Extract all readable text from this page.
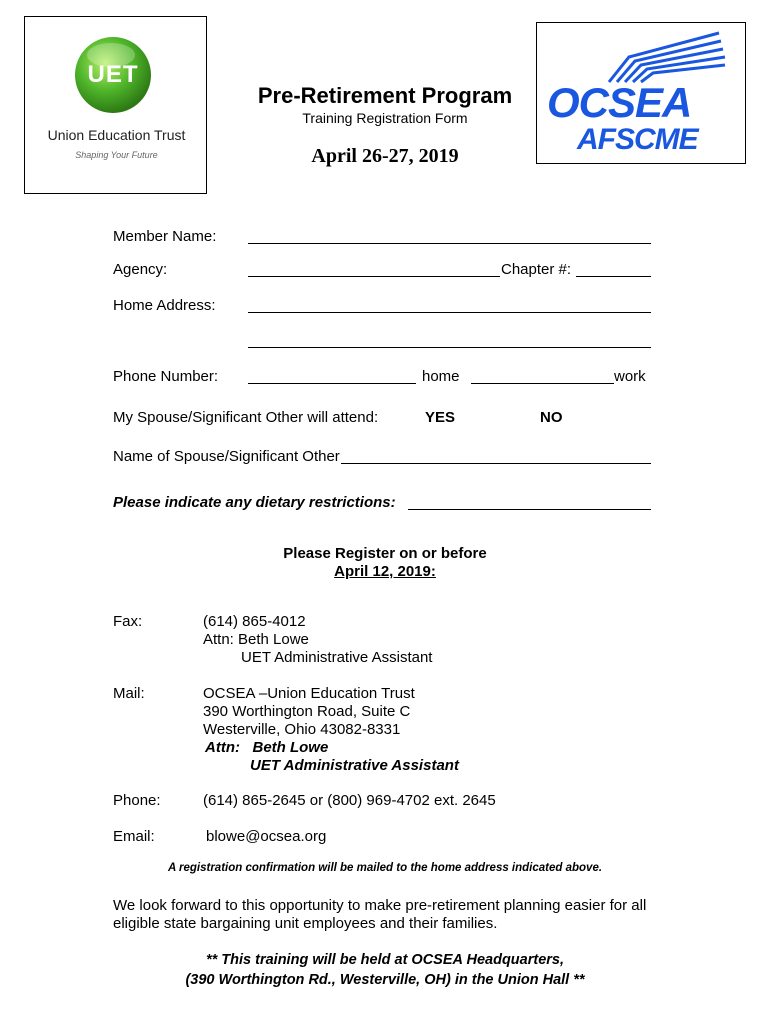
UET
Union Education Trust
Shaping Your Future
OCSEA
AFSCME
Pre-Retirement Program
Training Registration Form
April 26-27, 2019
Member Name:
Agency:	Chapter #:
Home Address:
Phone Number:	home	work
My Spouse/Significant Other will attend:	YES	NO
Name of Spouse/Significant Other
Please indicate any dietary restrictions:
Please Register on or before
April 12, 2019:
Fax:	(614) 865-4012
Attn: Beth Lowe
UET Administrative Assistant
Mail:	OCSEA –Union Education Trust
390 Worthington Road, Suite C
Westerville, Ohio 43082-8331
Attn:   Beth Lowe
UET Administrative Assistant
Phone:	(614) 865-2645 or (800) 969-4702 ext. 2645
Email:	blowe@ocsea.org
A registration confirmation will be mailed to the home address indicated above.
We look forward to this opportunity to make pre-retirement planning easier for all
eligible state bargaining unit employees and their families.
** This training will be held at OCSEA Headquarters,
(390 Worthington Rd., Westerville, OH) in the Union Hall **
